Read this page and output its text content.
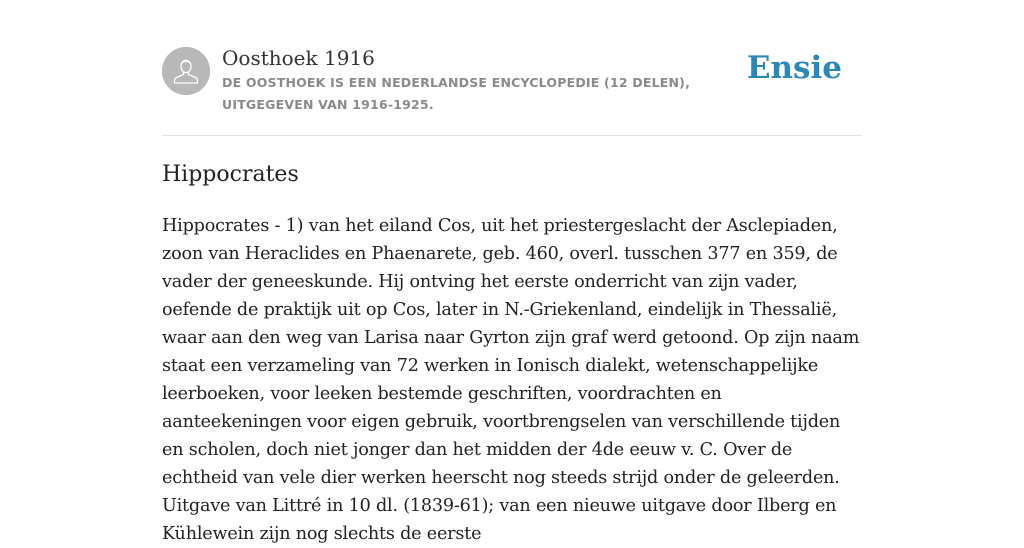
Oosthoek 1916
DE OOSTHOEK IS EEN NEDERLANDSE ENCYCLOPEDIE (12 DELEN), UITGEGEVEN VAN 1916-1925.
Ensie
Hippocrates

Hippocrates - 1) van het eiland Cos, uit het priestergeslacht der Asclepiaden, zoon van Heraclides en Phaenarete, geb. 460, overl. tusschen 377 en 359, de vader der geneeskunde. Hij ontving het eerste onderricht van zijn vader, oefende de praktijk uit op Cos, later in N.-Griekenland, eindelijk in Thessalië, waar aan den weg van Larisa naar Gyrton zijn graf werd getoond. Op zijn naam staat een verzameling van 72 werken in Ionisch dialekt, wetenschappelijke leerboeken, voor leeken bestemde geschriften, voordrachten en aanteekeningen voor eigen gebruik, voortbrengselen van verschillende tijden en scholen, doch niet jonger dan het midden der 4de eeuw v. C. Over de echtheid van vele dier werken heerscht nog steeds strijd onder de geleerden. Uitgave van Littré in 10 dl. (1839-61); van een nieuwe uitgave door Ilberg en Kühlewein zijn nog slechts de eerste
